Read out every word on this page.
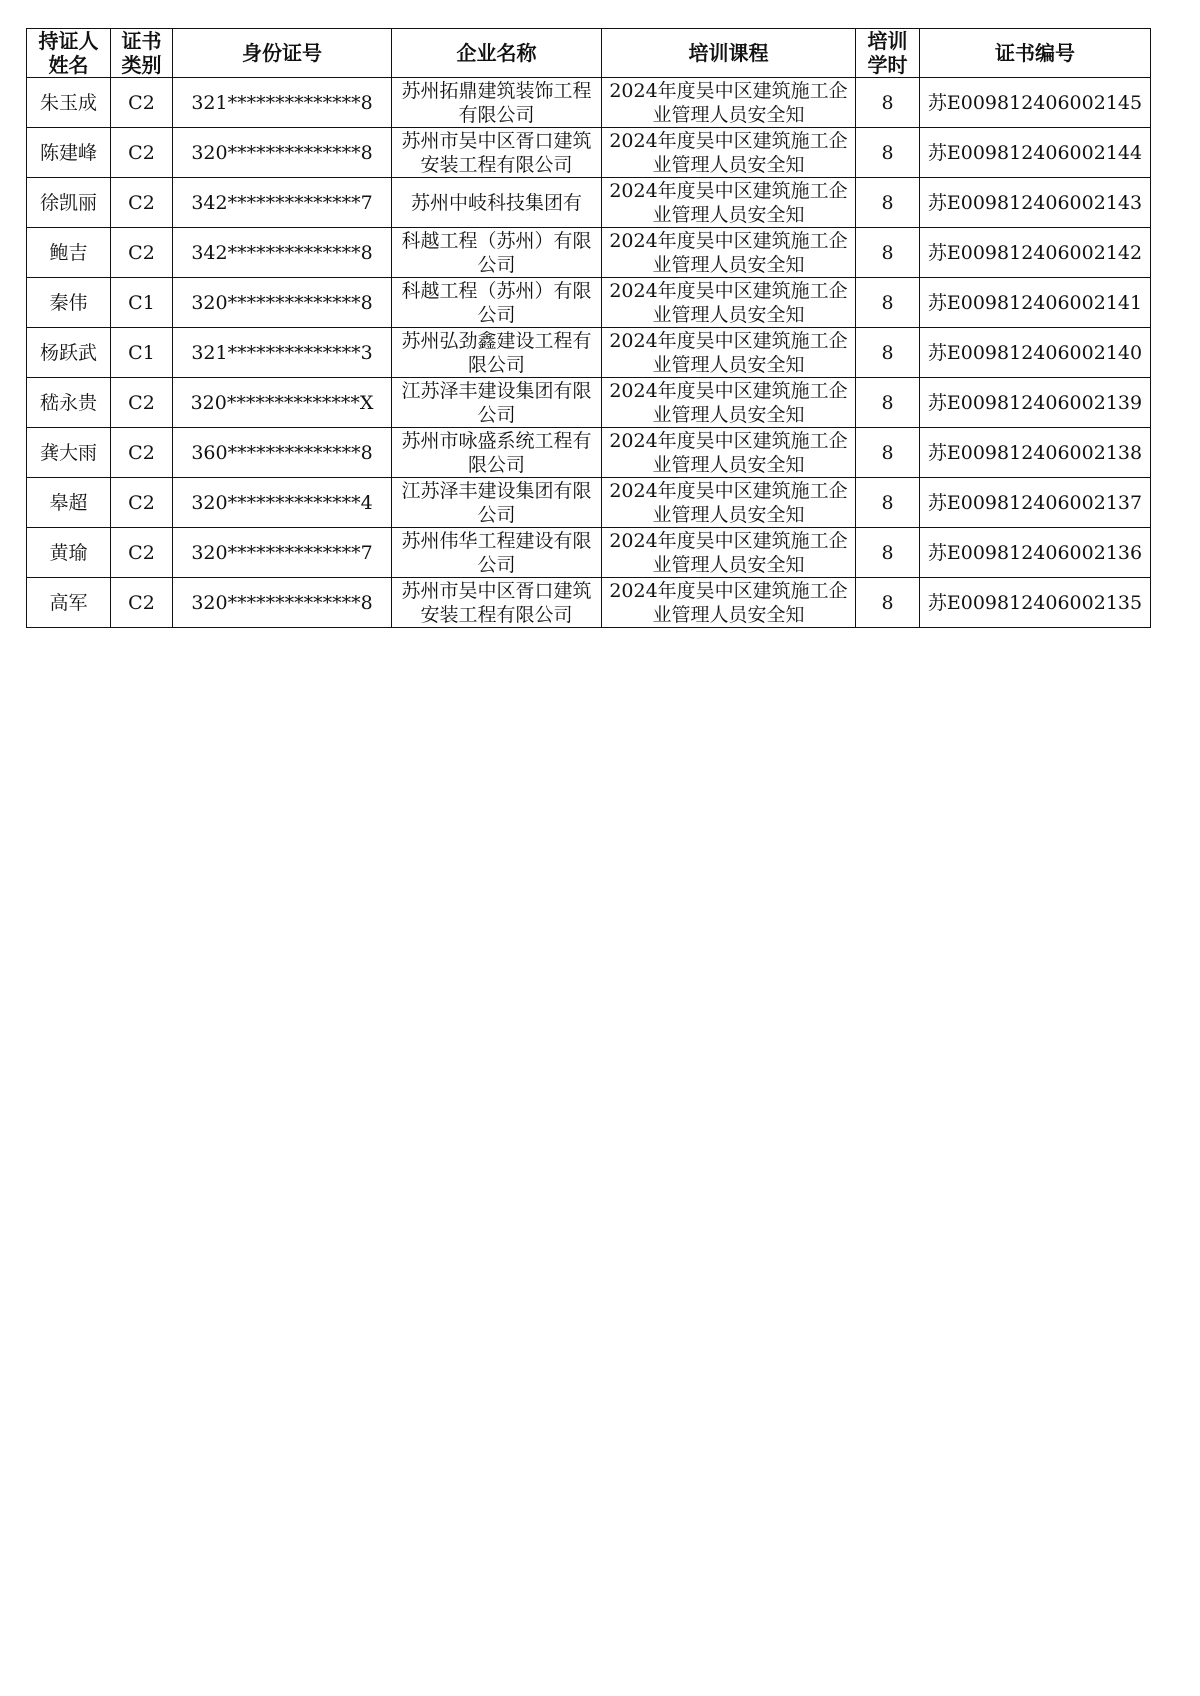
持证人姓名	证书类别	身份证号	企业名称	培训课程	培训学时	证书编号

朱玉成	C2	321**************8	苏州拓鼎建筑装饰工程有限公司	2024年度吴中区建筑施工企业管理人员安全知	8	苏E009812406002145

陈建峰	C2	320**************8	苏州市吴中区胥口建筑安装工程有限公司	2024年度吴中区建筑施工企业管理人员安全知	8	苏E009812406002144

徐凯丽	C2	342**************7	苏州中岐科技集团有	2024年度吴中区建筑施工企业管理人员安全知	8	苏E009812406002143

鲍吉	C2	342**************8	科越工程（苏州）有限公司	2024年度吴中区建筑施工企业管理人员安全知	8	苏E009812406002142

秦伟	C1	320**************8	科越工程（苏州）有限公司	2024年度吴中区建筑施工企业管理人员安全知	8	苏E009812406002141

杨跃武	C1	321**************3	苏州弘劲鑫建设工程有限公司	2024年度吴中区建筑施工企业管理人员安全知	8	苏E009812406002140

嵇永贵	C2	320**************X	江苏泽丰建设集团有限公司	2024年度吴中区建筑施工企业管理人员安全知	8	苏E009812406002139

龚大雨	C2	360**************8	苏州市咏盛系统工程有限公司	2024年度吴中区建筑施工企业管理人员安全知	8	苏E009812406002138

皋超	C2	320**************4	江苏泽丰建设集团有限公司	2024年度吴中区建筑施工企业管理人员安全知	8	苏E009812406002137

黄瑜	C2	320**************7	苏州伟华工程建设有限公司	2024年度吴中区建筑施工企业管理人员安全知	8	苏E009812406002136

高军	C2	320**************8	苏州市吴中区胥口建筑安装工程有限公司	2024年度吴中区建筑施工企业管理人员安全知	8	苏E009812406002135
